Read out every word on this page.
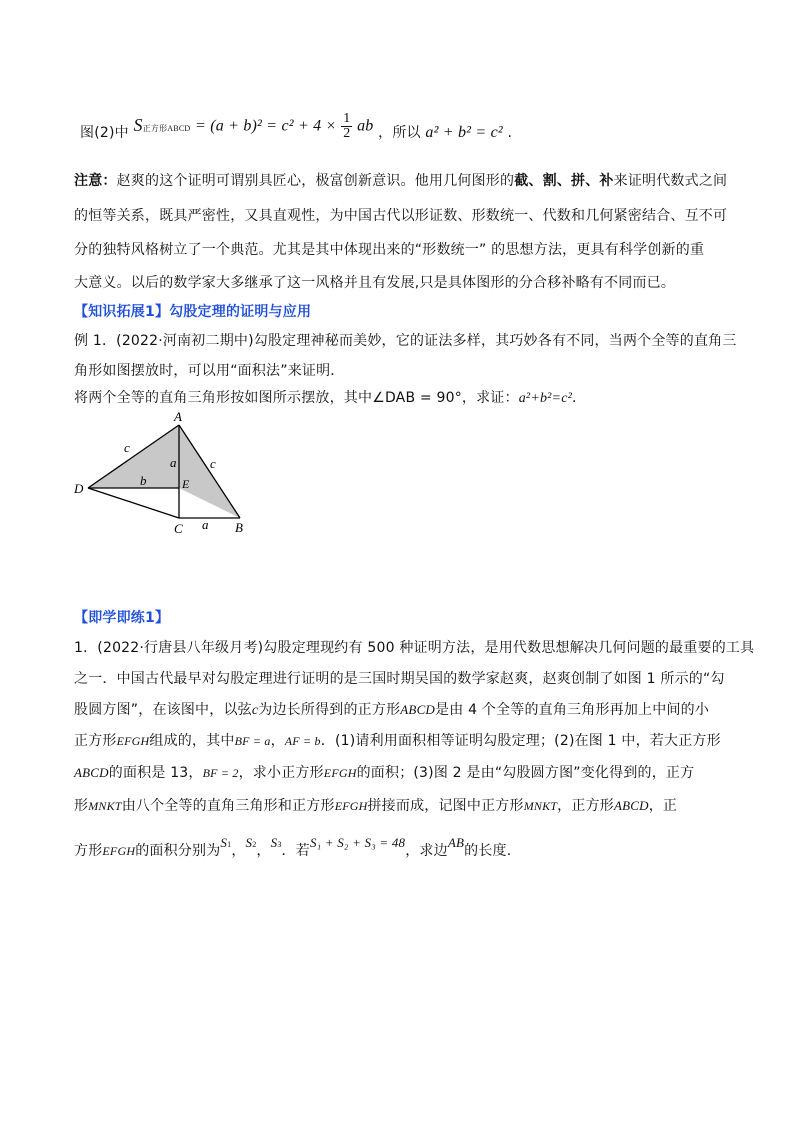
图(2)中 S正方形ABCD = $(a + b)^2 = c^2 + 4 \times \frac{1}{2}$ ab ，所以 a² + b² = c² .
注意：赵爽的这个证明可谓别具匠心，极富创新意识。他用几何图形的截、割、拼、补来证明代数式之间
的恒等关系，既具严密性，又具直观性，为中国古代以形证数、形数统一、代数和几何紧密结合、互不可
分的独特风格树立了一个典范。尤其是其中体现出来的“形数统一” 的思想方法，更具有科学创新的重
大意义。以后的数学家大多继承了这一风格并且有发展,只是具体图形的分合移补略有不同而已。
【知识拓展1】勾股定理的证明与应用
例 1．(2022·河南初二期中)勾股定理神秘而美妙，它的证法多样，其巧妙各有不同，当两个全等的直角三
角形如图摆放时，可以用“面积法”来证明．
将两个全等的直角三角形按如图所示摆放，其中∠DAB = 90°，求证：a²+b²=c².
A
D	E
C	B
c
a	c
b
a
【即学即练1】
1．(2022·行唐县八年级月考)勾股定理现约有 500 种证明方法，是用代数思想解决几何问题的最重要的工具
之一．中国古代最早对勾股定理进行证明的是三国时期吴国的数学家赵爽，赵爽创制了如图 1 所示的“勾
股圆方图”，在该图中，以弦c为边长所得到的正方形ABCD是由 4 个全等的直角三角形再加上中间的小
正方形EFGH组成的，其中BF = a，AF = b．(1)请利用面积相等证明勾股定理；(2)在图 1 中，若大正方形
ABCD的面积是 13，BF = 2，求小正方形EFGH的面积；(3)图 2 是由“勾股圆方图”变化得到的，正方
形MNKT由八个全等的直角三角形和正方形EFGH拼接而成，记图中正方形MNKT，正方形ABCD，正
方形EFGH的面积分别为S1，S2，S3．若S₁ + S₂ + S₃ = 48，求边AB的长度.
